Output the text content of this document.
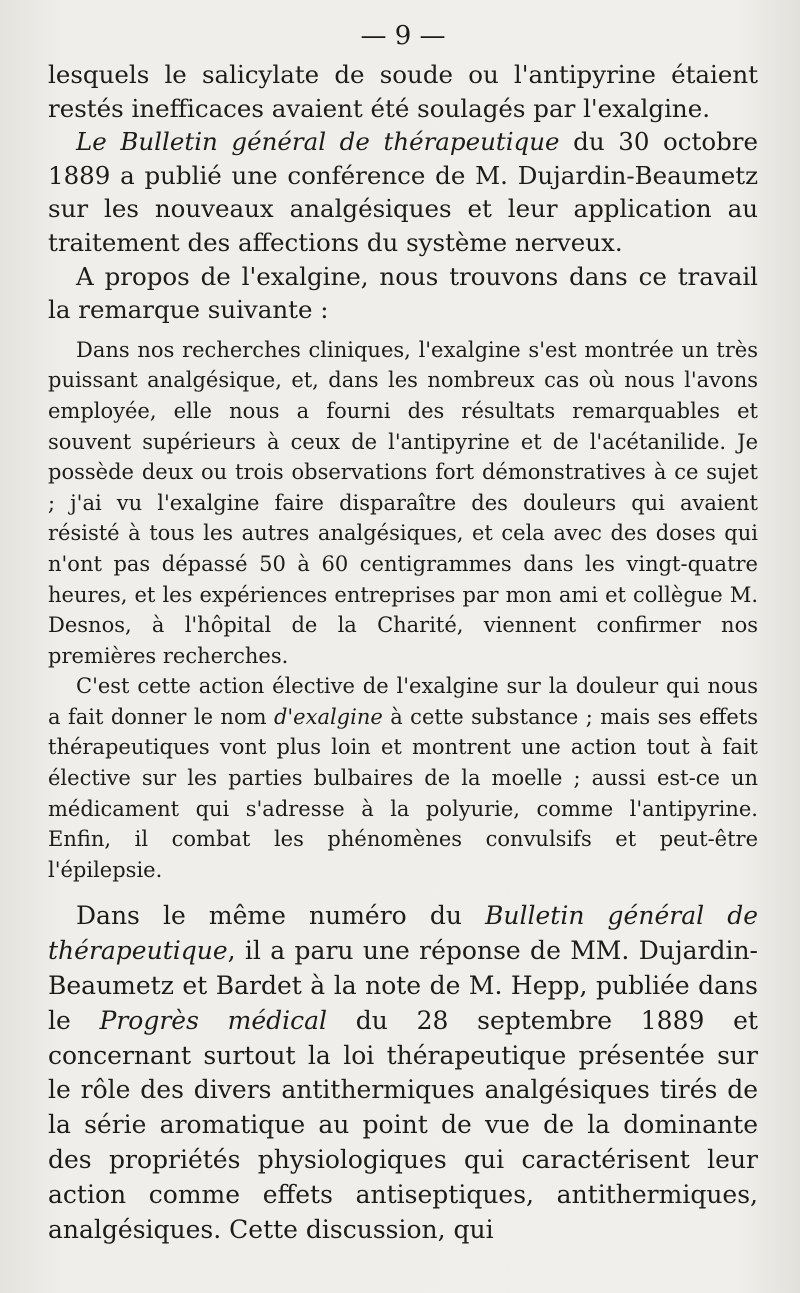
— 9 —

lesquels le salicylate de soude ou l'antipyrine étaient restés inefficaces avaient été soulagés par l'exalgine.

Le Bulletin général de thérapeutique du 30 octobre 1889 a publié une conférence de M. Dujardin-Beaumetz sur les nouveaux analgésiques et leur application au traitement des affections du système nerveux.

A propos de l'exalgine, nous trouvons dans ce travail la remarque suivante :

Dans nos recherches cliniques, l'exalgine s'est montrée un très puissant analgésique, et, dans les nombreux cas où nous l'avons employée, elle nous a fourni des résultats remarquables et souvent supérieurs à ceux de l'antipyrine et de l'acétanilide. Je possède deux ou trois observations fort démonstratives à ce sujet ; j'ai vu l'exalgine faire disparaître des douleurs qui avaient résisté à tous les autres analgésiques, et cela avec des doses qui n'ont pas dépassé 50 à 60 centigrammes dans les vingt-quatre heures, et les expériences entreprises par mon ami et collègue M. Desnos, à l'hôpital de la Charité, viennent confirmer nos premières recherches.

C'est cette action élective de l'exalgine sur la douleur qui nous a fait donner le nom d'exalgine à cette substance ; mais ses effets thérapeutiques vont plus loin et montrent une action tout à fait élective sur les parties bulbaires de la moelle ; aussi est-ce un médicament qui s'adresse à la polyurie, comme l'antipyrine. Enfin, il combat les phénomènes convulsifs et peut-être l'épilepsie.

Dans le même numéro du Bulletin général de thérapeutique, il a paru une réponse de MM. Dujardin-Beaumetz et Bardet à la note de M. Hepp, publiée dans le Progrès médical du 28 septembre 1889 et concernant surtout la loi thérapeutique présentée sur le rôle des divers antithermiques analgésiques tirés de la série aromatique au point de vue de la dominante des propriétés physiologiques qui caractérisent leur action comme effets antiseptiques, antithermiques, analgésiques. Cette discussion, qui
